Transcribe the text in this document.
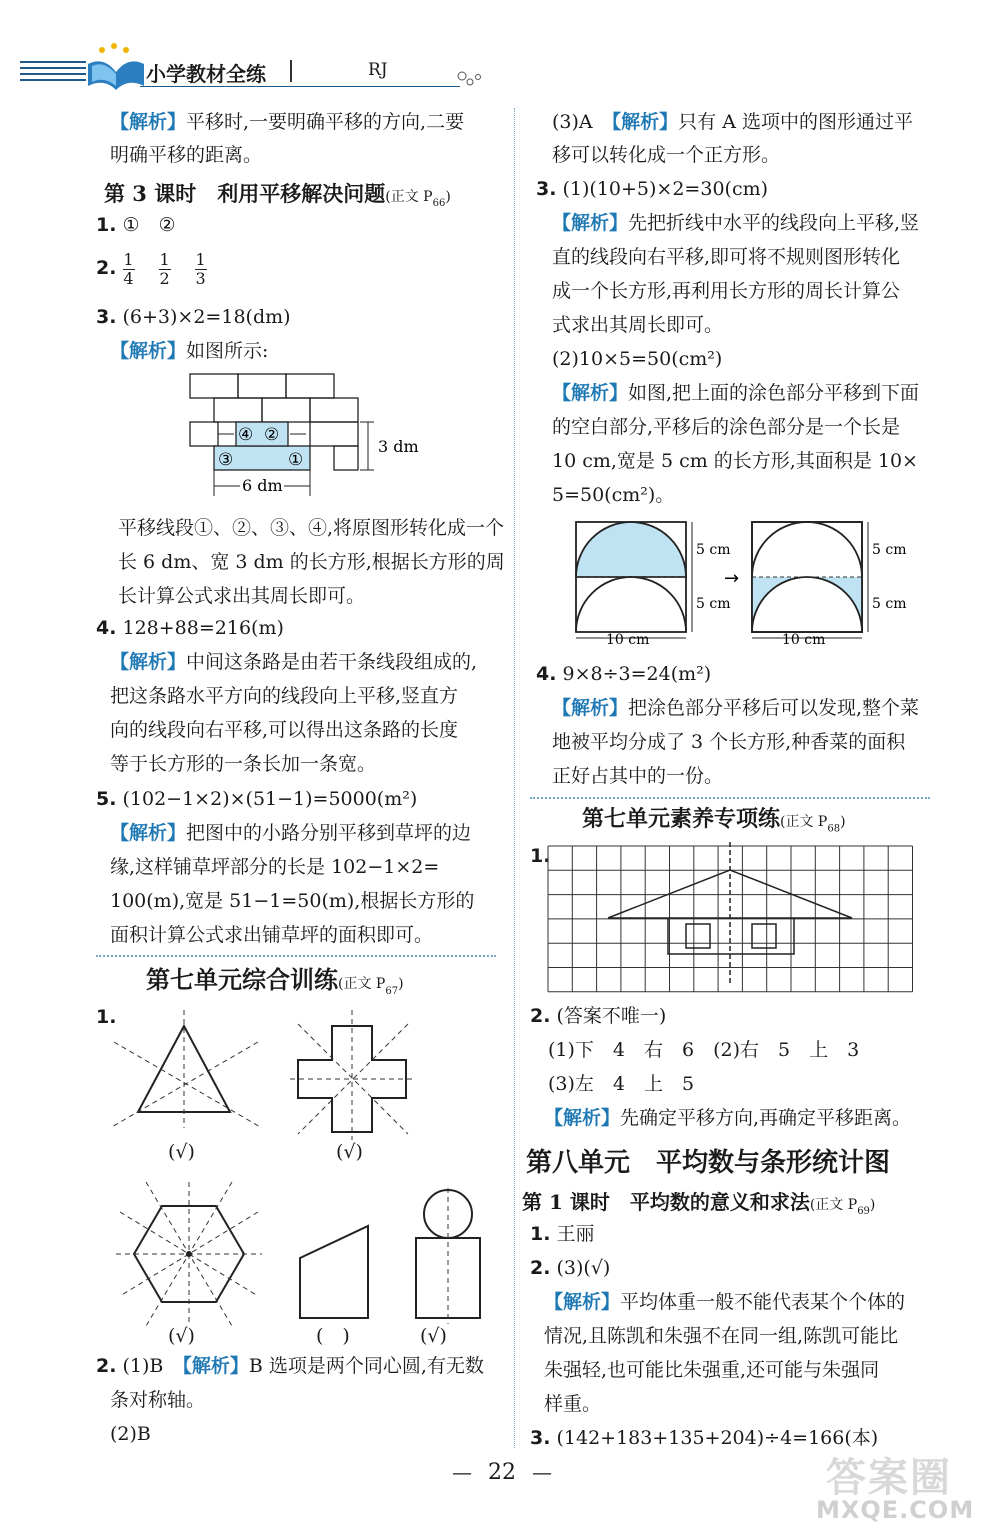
小学教材全练	RJ
【解析】平移时,一要明确平移的方向,二要
明确平移的距离。
第 3 课时　利用平移解决问题(正文 $P_{66}$)
1. ①　②
2. $\frac{1}{4}$
$\frac{1}{2}$
$\frac{1}{3}$
3. (6+3)×2=18(dm)
【解析】如图所示:
3 dm
6 dm
④ ②
③	①
平移线段①、②、③、④,将原图形转化成一个
长 6 dm、宽 3 dm 的长方形,根据长方形的周
长计算公式求出其周长即可。
4. 128+88=216(m)
【解析】中间这条路是由若干条线段组成的,
把这条路水平方向的线段向上平移,竖直方
向的线段向右平移,可以得出这条路的长度
等于长方形的一条长加一条宽。
5. (102−1×2)×(51−1)=5000(m²)
【解析】把图中的小路分别平移到草坪的边
缘,这样铺草坪部分的长是 102−1×2=
100(m),宽是 51−1=50(m),根据长方形的
面积计算公式求出铺草坪的面积即可。
第七单元综合训练(正文 $P_{67}$)
1.
(√)	(√)
(√)	(　)	(√)
2. (1)B　【解析】B 选项是两个同心圆,有无数
条对称轴。
(2)B
(3)A　【解析】只有 A 选项中的图形通过平
移可以转化成一个正方形。
3. (1)(10+5)×2=30(cm)
【解析】先把折线中水平的线段向上平移,竖
直的线段向右平移,即可将不规则图形转化
成一个长方形,再利用长方形的周长计算公
式求出其周长即可。
(2)10×5=50(cm²)
【解析】如图,把上面的涂色部分平移到下面
的空白部分,平移后的涂色部分是一个长是
10 cm,宽是 5 cm 的长方形,其面积是 10×
5=50(cm²)。
5 cm
5 cm
10 cm
→
5 cm
5 cm
10 cm
4. 9×8÷3=24(m²)
【解析】把涂色部分平移后可以发现,整个菜
地被平均分成了 3 个长方形,种香菜的面积
正好占其中的一份。
第七单元素养专项练(正文 $P_{68}$)
1.
2. (答案不唯一)
(1)下　4　右　6　(2)右　5　上　3
(3)左　4　上　5
【解析】先确定平移方向,再确定平移距离。
第八单元　平均数与条形统计图
第 1 课时　平均数的意义和求法(正文 $P_{69}$)
1. 王丽
2. (3)(√)
【解析】平均体重一般不能代表某个个体的
情况,且陈凯和朱强不在同一组,陈凯可能比
朱强轻,也可能比朱强重,还可能与朱强同
样重。
3. (142+183+135+204)÷4=166(本)
— 22 —	答案圈
MXQE.COM
